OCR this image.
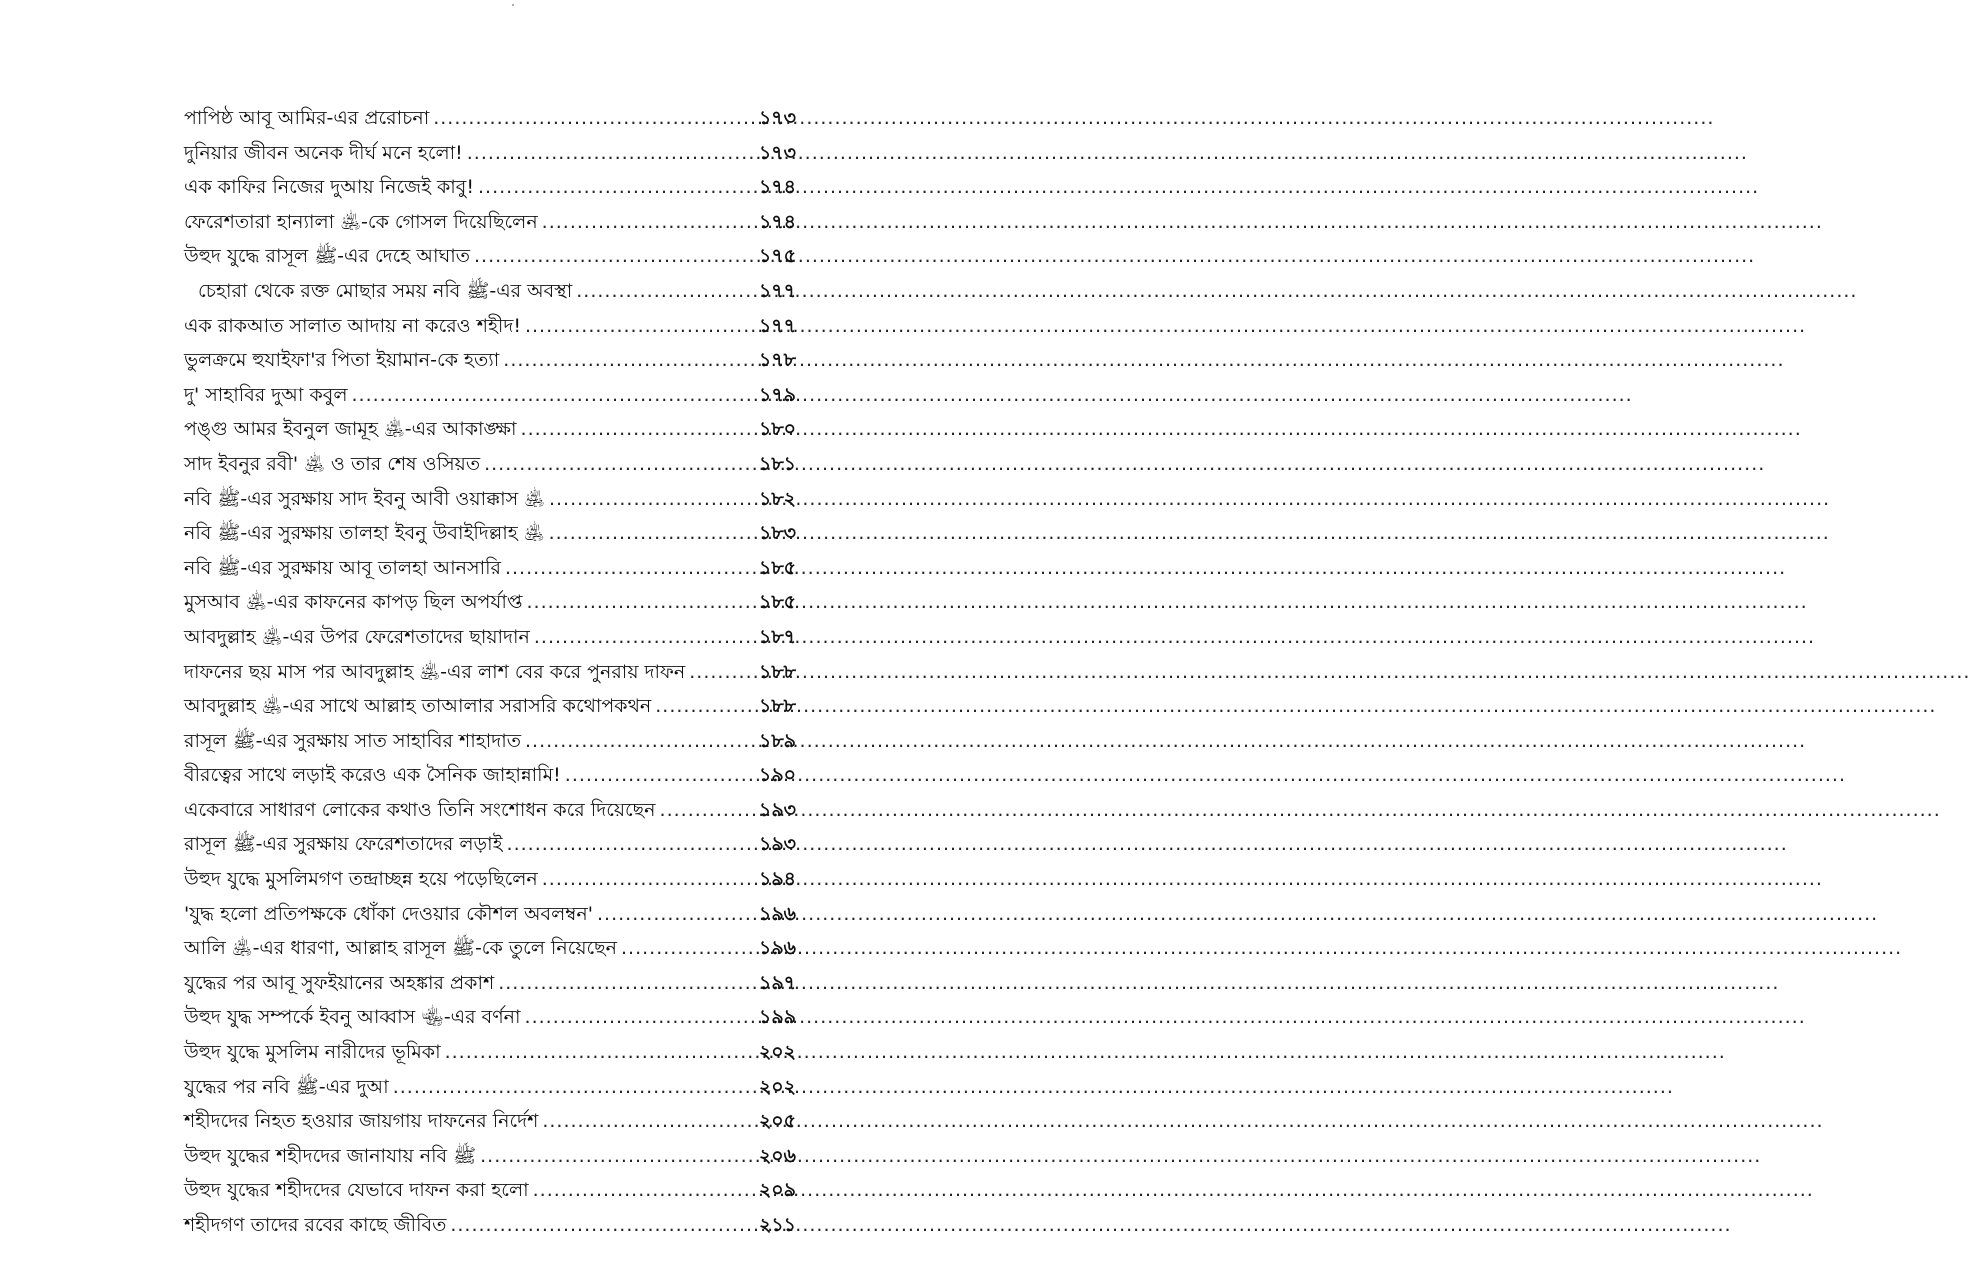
পাপিষ্ঠ আবূ আমির-এর প্ররোচনা .....	১৭৩
দুনিয়ার জীবন অনেক দীর্ঘ মনে হলো! .....	১৭৩
এক কাফির নিজের দুআয় নিজেই কাবু! .....	১৭৪
ফেরেশতারা হান্যালা ﵁-কে গোসল দিয়েছিলেন .....	১৭৪
উহুদ যুদ্ধে রাসূল ﷺ-এর দেহে আঘাত .....	১৭৫
চেহারা থেকে রক্ত মোছার সময় নবি ﷺ-এর অবস্থা .....	১৭৭
এক রাকআত সালাত আদায় না করেও শহীদ! .....	১৭৭
ভুলক্রমে হুযাইফা'র পিতা ইয়ামান-কে হত্যা .....	১৭৮
দু' সাহাবির দুআ কবুল .....	১৭৯
পঙ্গু আমর ইবনুল জামূহ ﵁-এর আকাঙ্ক্ষা .....	১৮০
সাদ ইবনুর রবী' ﵁ ও তার শেষ ওসিয়ত .....	১৮১
নবি ﷺ-এর সুরক্ষায় সাদ ইবনু আবী ওয়াক্কাস ﵁ .....	১৮২
নবি ﷺ-এর সুরক্ষায় তালহা ইবনু উবাইদিল্লাহ ﵁ .....	১৮৩
নবি ﷺ-এর সুরক্ষায় আবূ তালহা আনসারি .....	১৮৫
মুসআব ﵁-এর কাফনের কাপড় ছিল অপর্যাপ্ত .....	১৮৫
আবদুল্লাহ ﵁-এর উপর ফেরেশতাদের ছায়াদান .....	১৮৭
দাফনের ছয় মাস পর আবদুল্লাহ ﵁-এর লাশ বের করে পুনরায় দাফন .....	১৮৮
আবদুল্লাহ ﵁-এর সাথে আল্লাহ তাআলার সরাসরি কথোপকথন .....	১৮৮
রাসূল ﷺ-এর সুরক্ষায় সাত সাহাবির শাহাদাত .....	১৮৯
বীরত্বের সাথে লড়াই করেও এক সৈনিক জাহান্নামি! .....	১৯০
একেবারে সাধারণ লোকের কথাও তিনি সংশোধন করে দিয়েছেন .....	১৯৩
রাসূল ﷺ-এর সুরক্ষায় ফেরেশতাদের লড়াই .....	১৯৩
উহুদ যুদ্ধে মুসলিমগণ তন্দ্রাচ্ছন্ন হয়ে পড়েছিলেন .....	১৯৪
'যুদ্ধ হলো প্রতিপক্ষকে ধোঁকা দেওয়ার কৌশল অবলম্বন' .....	১৯৬
আলি ﵁-এর ধারণা, আল্লাহ রাসূল ﷺ-কে তুলে নিয়েছেন .....	১৯৬
যুদ্ধের পর আবূ সুফইয়ানের অহঙ্কার প্রকাশ .....	১৯৭
উহুদ যুদ্ধ সম্পর্কে ইবনু আব্বাস ﵄-এর বর্ণনা .....	১৯৯
উহুদ যুদ্ধে মুসলিম নারীদের ভূমিকা .....	২০২
যুদ্ধের পর নবি ﷺ-এর দুআ .....	২০২
শহীদদের নিহত হওয়ার জায়গায় দাফনের নির্দেশ .....	২০৫
উহুদ যুদ্ধের শহীদদের জানাযায় নবি ﷺ .....	২০৬
উহুদ যুদ্ধের শহীদদের যেভাবে দাফন করা হলো .....	২০৯
শহীদগণ তাদের রবের কাছে জীবিত .....	২১১
